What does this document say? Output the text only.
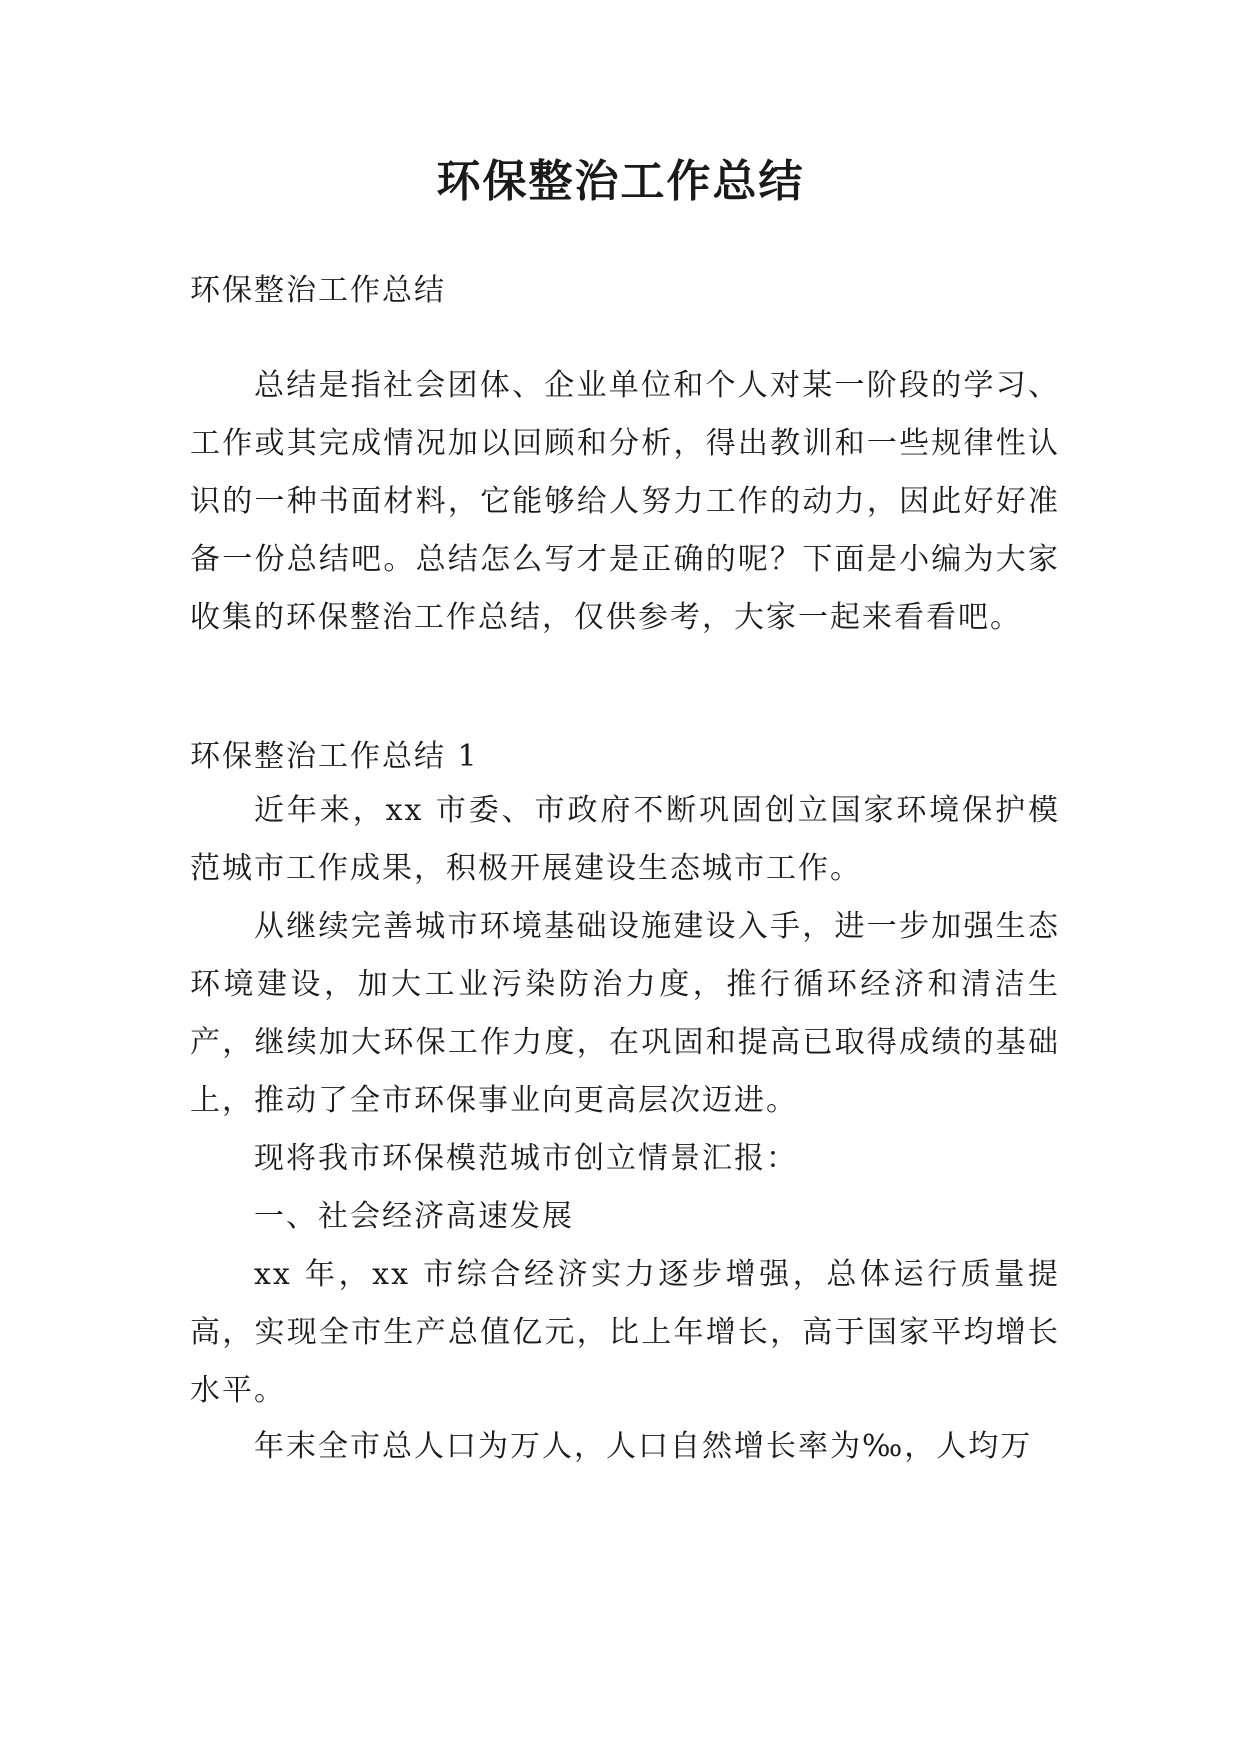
环保整治工作总结

环保整治工作总结

总结是指社会团体、企业单位和个人对某一阶段的学习、工作或其完成情况加以回顾和分析，得出教训和一些规律性认识的一种书面材料，它能够给人努力工作的动力，因此好好准备一份总结吧。总结怎么写才是正确的呢？下面是小编为大家收集的环保整治工作总结，仅供参考，大家一起来看看吧。

环保整治工作总结 1

近年来，xx 市委、市政府不断巩固创立国家环境保护模范城市工作成果，积极开展建设生态城市工作。

从继续完善城市环境基础设施建设入手，进一步加强生态环境建设，加大工业污染防治力度，推行循环经济和清洁生产，继续加大环保工作力度，在巩固和提高已取得成绩的基础上，推动了全市环保事业向更高层次迈进。

现将我市环保模范城市创立情景汇报：

一、社会经济高速发展

xx 年，xx 市综合经济实力逐步增强，总体运行质量提高，实现全市生产总值亿元，比上年增长，高于国家平均增长水平。

年末全市总人口为万人，人口自然增长率为‰，人均万
